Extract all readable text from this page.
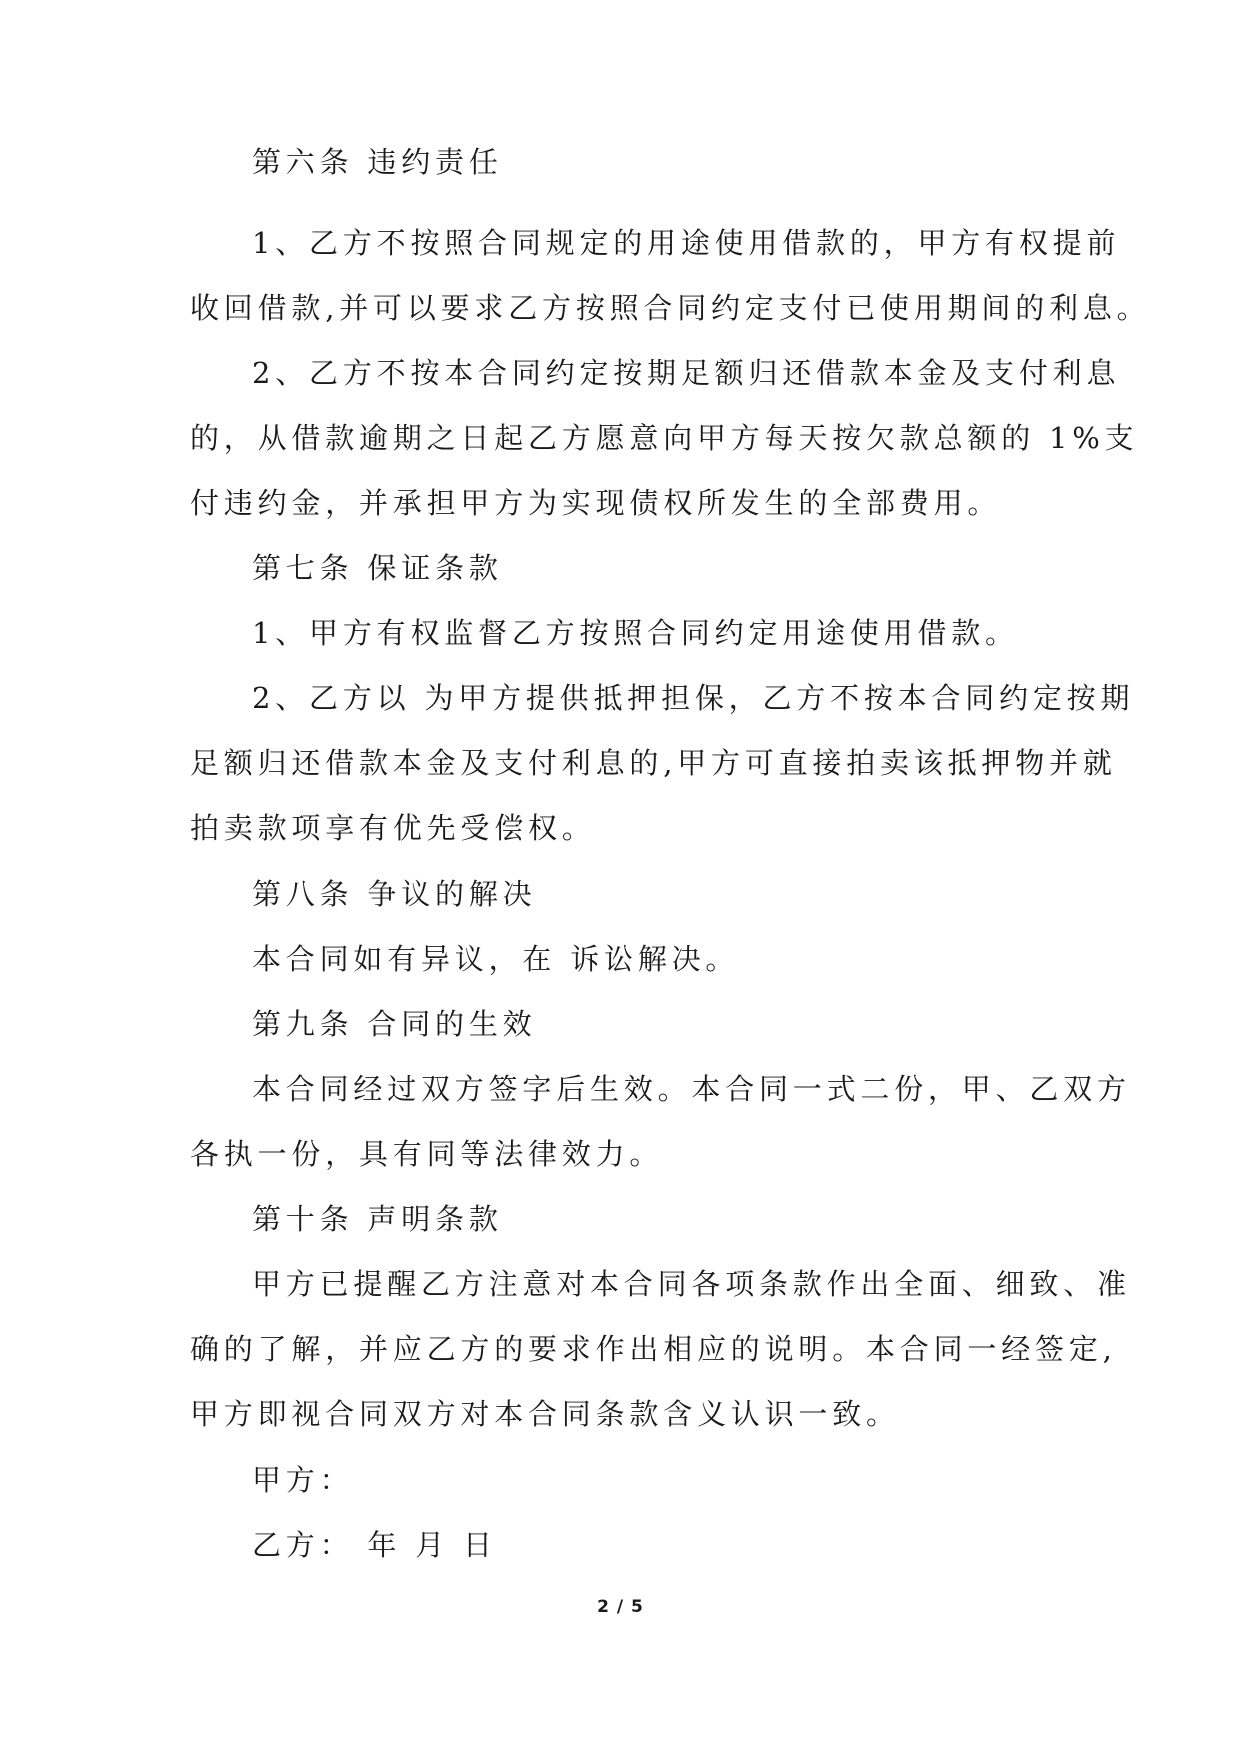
第六条 违约责任
1、乙方不按照合同规定的用途使用借款的，甲方有权提前
收回借款,并可以要求乙方按照合同约定支付已使用期间的利息。
2、乙方不按本合同约定按期足额归还借款本金及支付利息
的，从借款逾期之日起乙方愿意向甲方每天按欠款总额的 1%支
付违约金，并承担甲方为实现债权所发生的全部费用。
第七条 保证条款
1、甲方有权监督乙方按照合同约定用途使用借款。
2、乙方以 为甲方提供抵押担保，乙方不按本合同约定按期
足额归还借款本金及支付利息的,甲方可直接拍卖该抵押物并就
拍卖款项享有优先受偿权。
第八条 争议的解决
本合同如有异议，在 诉讼解决。
第九条 合同的生效
本合同经过双方签字后生效。本合同一式二份，甲、乙双方
各执一份，具有同等法律效力。
第十条 声明条款
甲方已提醒乙方注意对本合同各项条款作出全面、细致、准
确的了解，并应乙方的要求作出相应的说明。本合同一经签定,
甲方即视合同双方对本合同条款含义认识一致。
甲方：
乙方： 年 月 日
2 / 5
